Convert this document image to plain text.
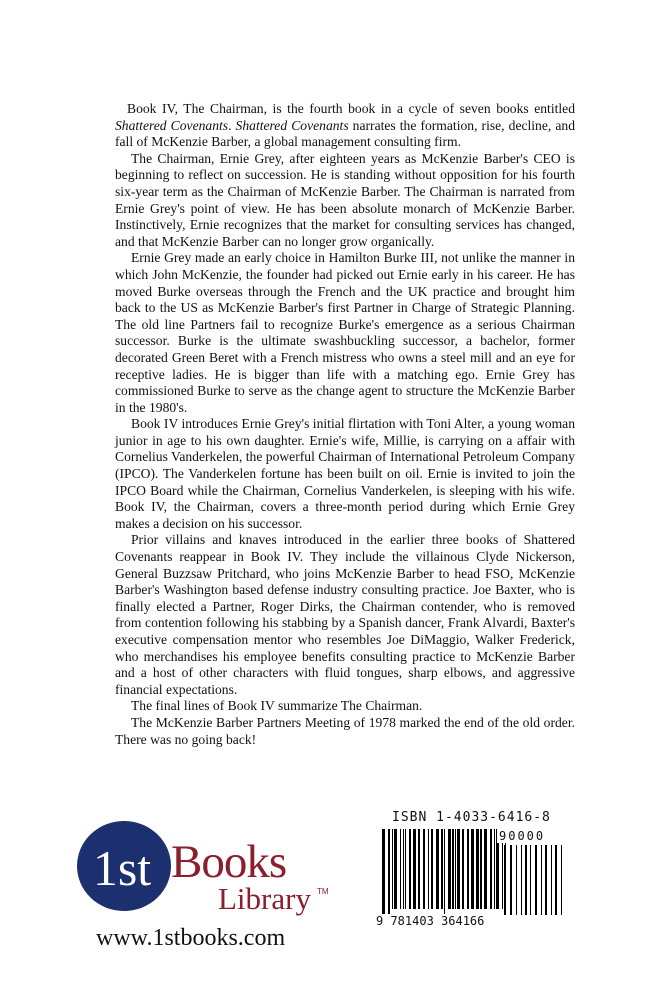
Book IV, The Chairman, is the fourth book in a cycle of seven books entitled Shattered Covenants. Shattered Covenants narrates the formation, rise, decline, and fall of McKenzie Barber, a global management consulting firm.

The Chairman, Ernie Grey, after eighteen years as McKenzie Barber's CEO is beginning to reflect on succession. He is standing without opposition for his fourth six-year term as the Chairman of McKenzie Barber. The Chairman is narrated from Ernie Grey's point of view. He has been absolute monarch of McKenzie Barber. Instinctively, Ernie recognizes that the market for consulting services has changed, and that McKenzie Barber can no longer grow organically.

Ernie Grey made an early choice in Hamilton Burke III, not unlike the manner in which John McKenzie, the founder had picked out Ernie early in his career. He has moved Burke overseas through the French and the UK practice and brought him back to the US as McKenzie Barber's first Partner in Charge of Strategic Planning. The old line Partners fail to recognize Burke's emergence as a serious Chairman successor. Burke is the ultimate swashbuckling successor, a bachelor, former decorated Green Beret with a French mistress who owns a steel mill and an eye for receptive ladies. He is bigger than life with a matching ego. Ernie Grey has commissioned Burke to serve as the change agent to structure the McKenzie Barber in the 1980's.

Book IV introduces Ernie Grey's initial flirtation with Toni Alter, a young woman junior in age to his own daughter. Ernie's wife, Millie, is carrying on a affair with Cornelius Vanderkelen, the powerful Chairman of International Petroleum Company (IPCO). The Vanderkelen fortune has been built on oil. Ernie is invited to join the IPCO Board while the Chairman, Cornelius Vanderkelen, is sleeping with his wife. Book IV, the Chairman, covers a three-month period during which Ernie Grey makes a decision on his successor.

Prior villains and knaves introduced in the earlier three books of Shattered Covenants reappear in Book IV. They include the villainous Clyde Nickerson, General Buzzsaw Pritchard, who joins McKenzie Barber to head FSO, McKenzie Barber's Washington based defense industry consulting practice. Joe Baxter, who is finally elected a Partner, Roger Dirks, the Chairman contender, who is removed from contention following his stabbing by a Spanish dancer, Frank Alvardi, Baxter's executive compensation mentor who resembles Joe DiMaggio, Walker Frederick, who merchandises his employee benefits consulting practice to McKenzie Barber and a host of other characters with fluid tongues, sharp elbows, and aggressive financial expectations.

The final lines of Book IV summarize The Chairman.

The McKenzie Barber Partners Meeting of 1978 marked the end of the old order. There was no going back!

1st Books
Library TM
www.1stbooks.com
ISBN 1-4033-6416-8
90000
9 781403 364166
